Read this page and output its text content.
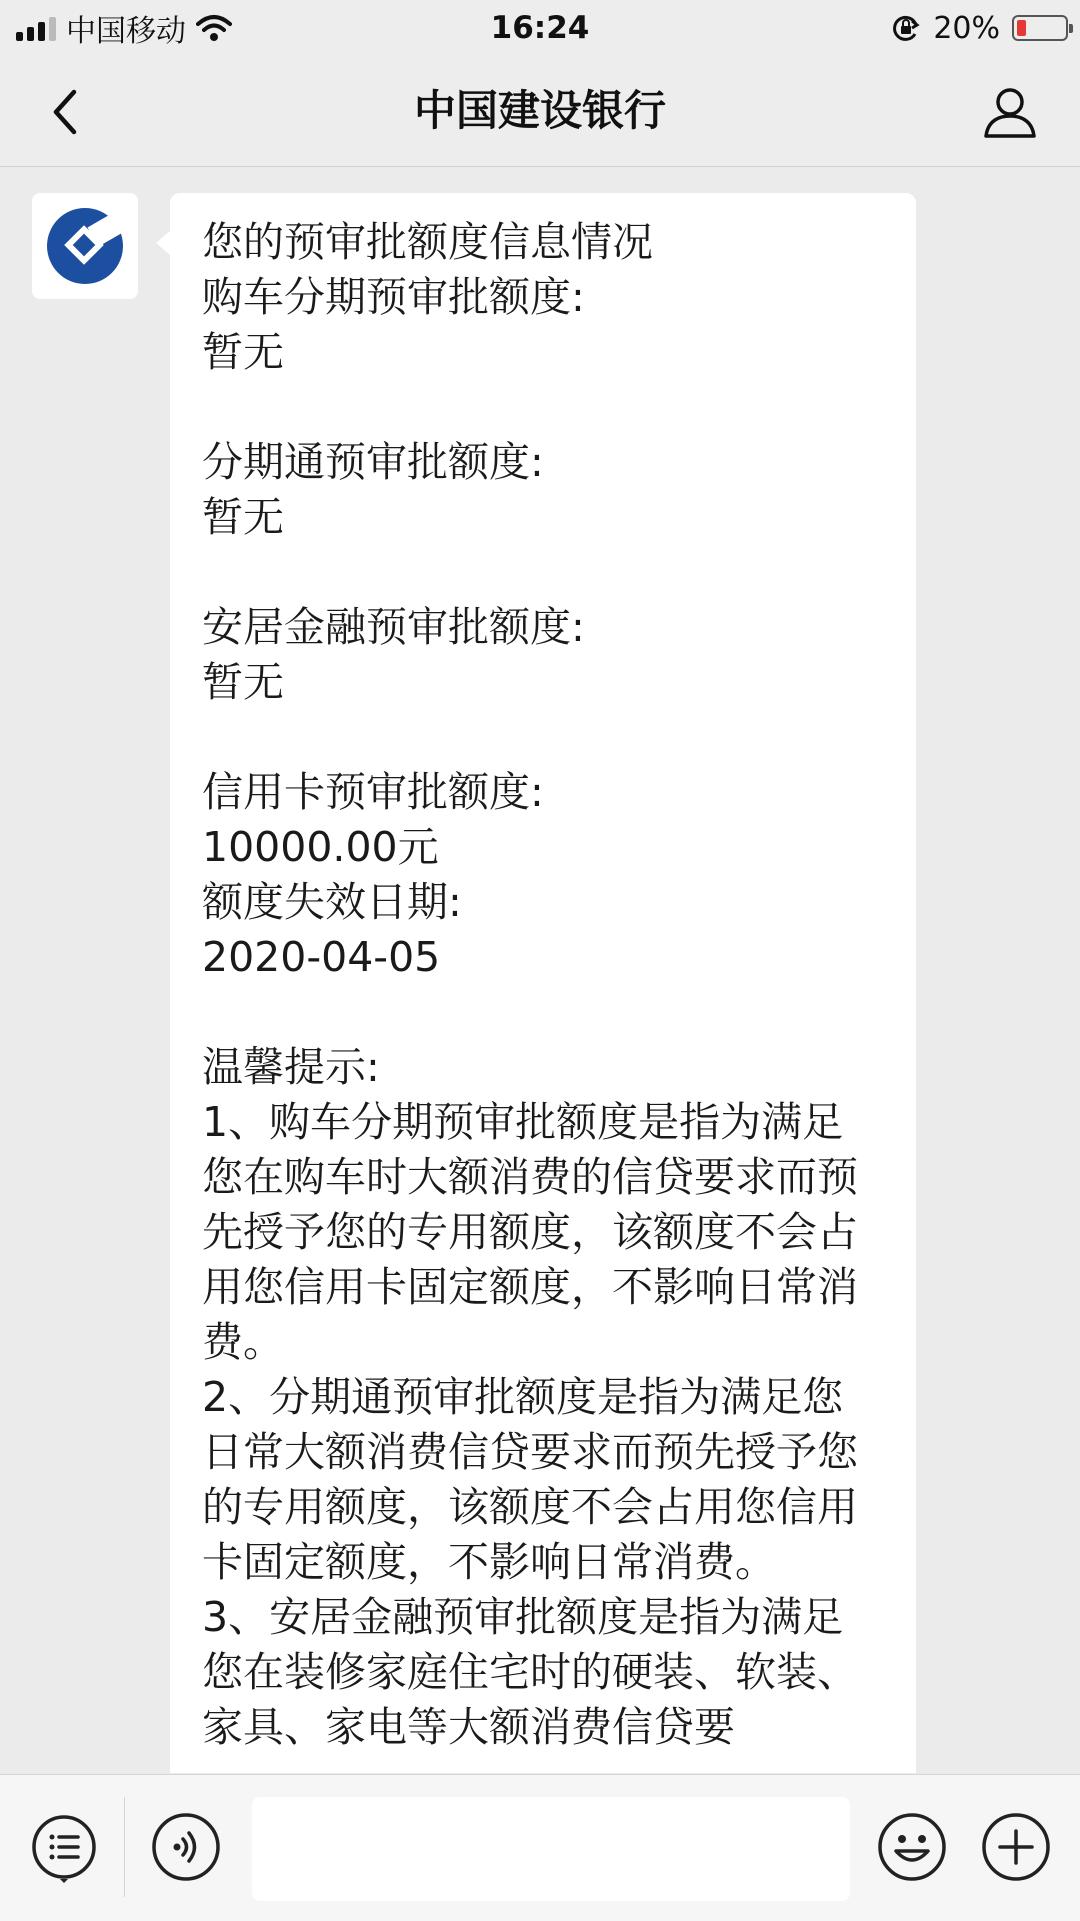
中国移动	16:24	20%
中国建设银行
您的预审批额度信息情况
购车分期预审批额度:
暂无

分期通预审批额度:
暂无

安居金融预审批额度:
暂无

信用卡预审批额度:
10000.00元
额度失效日期:
2020-04-05

温馨提示:
1、购车分期预审批额度是指为满足您在购车时大额消费的信贷要求而预先授予您的专用额度，该额度不会占用您信用卡固定额度，不影响日常消费。
2、分期通预审批额度是指为满足您日常大额消费信贷要求而预先授予您的专用额度，该额度不会占用您信用卡固定额度，不影响日常消费。
3、安居金融预审批额度是指为满足您在装修家庭住宅时的硬装、软装、家具、家电等大额消费信贷要
